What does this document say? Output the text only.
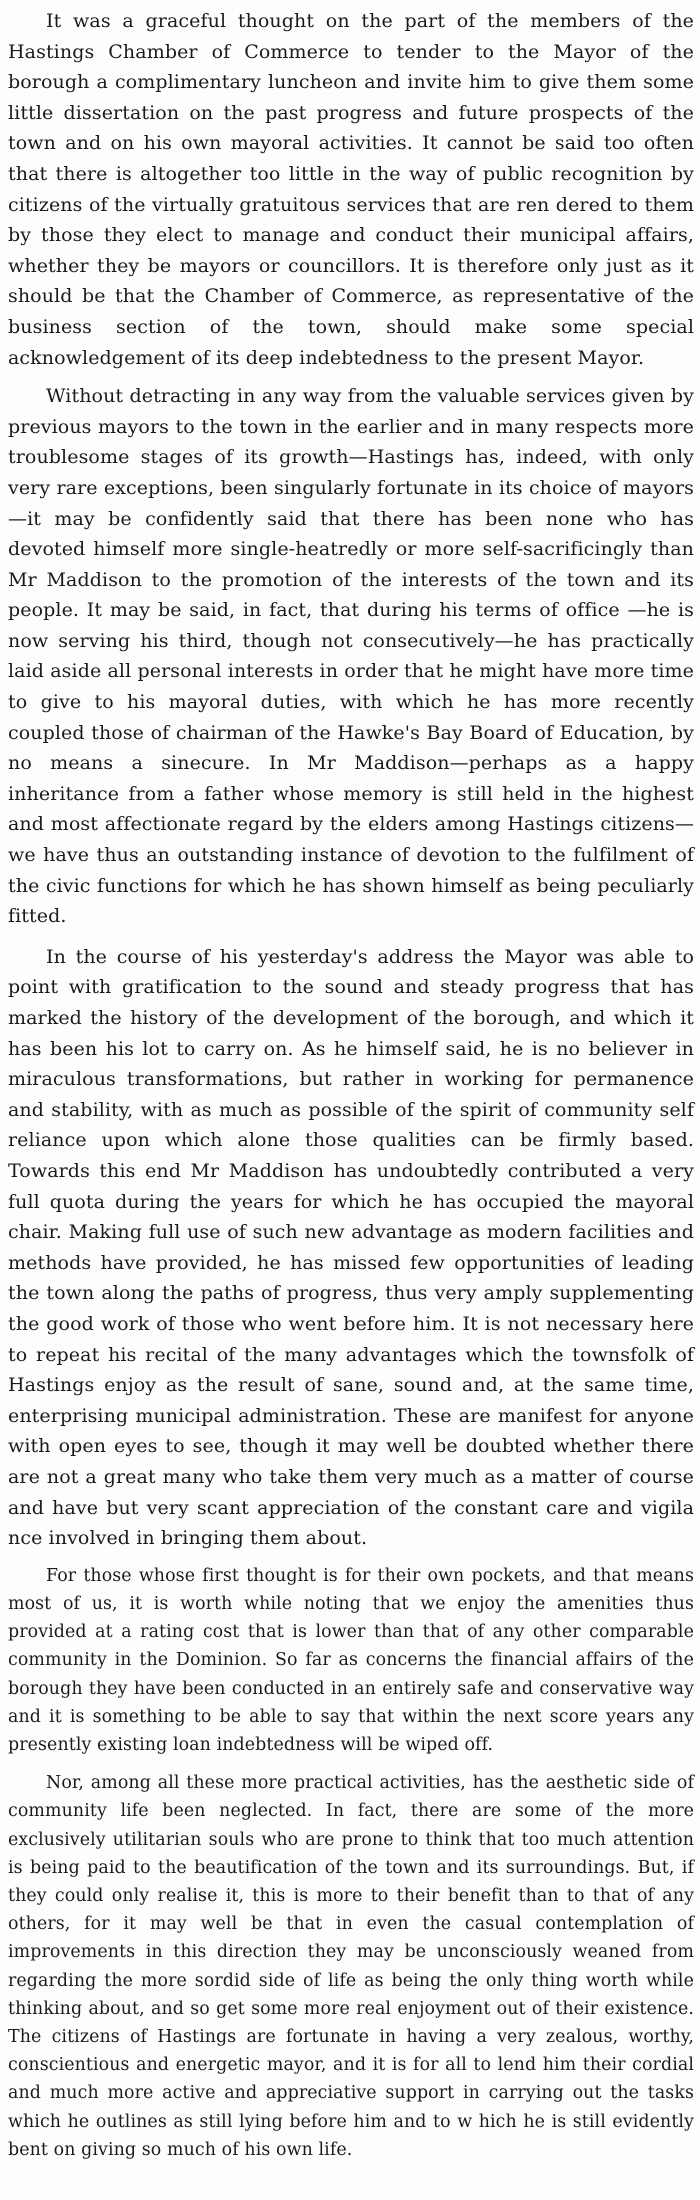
It was a graceful thought on the part of the members of the Hastings Chamber of Commerce to tender to the Mayor of the borough a complimentary luncheon and invite him to give them some little dissertation on the past progress and future prospects of the town and on his own mayoral activities. It cannot be said too often that there is altogether too little in the way of public recognition by citizens of the virtually gratuitous services that are ren dered to them by those they elect to manage and conduct their municipal affairs, whether they be mayors or councillors. It is therefore only just as it should be that the Chamber of Commerce, as representative of the business section of the town, should make some special acknowledgement of its deep indebtedness to the present Mayor.

Without detracting in any way from the valuable services given by previous mayors to the town in the earlier and in many respects more troublesome stages of its growth—Hastings has, indeed, with only very rare exceptions, been singularly fortunate in its choice of mayors—it may be confidently said that there has been none who has devoted himself more single-heatredly or more self-sacrificingly than Mr Maddison to the promotion of the interests of the town and its people. It may be said, in fact, that during his terms of office —he is now serving his third, though not consecutively—he has practically laid aside all personal interests in order that he might have more time to give to his mayoral duties, with which he has more recently coupled those of chairman of the Hawke's Bay Board of Education, by no means a sinecure. In Mr Maddison—perhaps as a happy inheritance from a father whose memory is still held in the highest and most affectionate regard by the elders among Hastings citizens—we have thus an outstanding instance of devotion to the fulfilment of the civic functions for which he has shown himself as being peculiarly fitted.

In the course of his yesterday's address the Mayor was able to point with gratification to the sound and steady progress that has marked the history of the development of the borough, and which it has been his lot to carry on. As he himself said, he is no believer in miraculous transformations, but rather in working for permanence and stability, with as much as possible of the spirit of community self reliance upon which alone those qualities can be firmly based. Towards this end Mr Maddison has undoubtedly contributed a very full quota during the years for which he has occupied the mayoral chair. Making full use of such new advantage as modern facilities and methods have provided, he has missed few opportunities of leading the town along the paths of progress, thus very amply supplementing the good work of those who went before him. It is not necessary here to repeat his recital of the many advantages which the townsfolk of Hastings enjoy as the result of sane, sound and, at the same time, enterprising municipal administration. These are manifest for anyone with open eyes to see, though it may well be doubted whether there are not a great many who take them very much as a matter of course and have but very scant appreciation of the constant care and vigila nce involved in bringing them about.

For those whose first thought is for their own pockets, and that means most of us, it is worth while noting that we enjoy the amenities thus provided at a rating cost that is lower than that of any other comparable community in the Dominion. So far as concerns the financial affairs of the borough they have been conducted in an entirely safe and conservative way and it is something to be able to say that within the next score years any presently existing loan indebtedness will be wiped off.

Nor, among all these more practical activities, has the aesthetic side of community life been neglected. In fact, there are some of the more exclusively utilitarian souls who are prone to think that too much attention is being paid to the beautification of the town and its surroundings. But, if they could only realise it, this is more to their benefit than to that of any others, for it may well be that in even the casual contemplation of improvements in this direction they may be unconsciously weaned from regarding the more sordid side of life as being the only thing worth while thinking about, and so get some more real enjoyment out of their existence. The citizens of Hastings are fortunate in having a very zealous, worthy, conscientious and energetic mayor, and it is for all to lend him their cordial and much more active and appreciative support in carrying out the tasks which he outlines as still lying before him and to w hich he is still evidently bent on giving so much of his own life.
